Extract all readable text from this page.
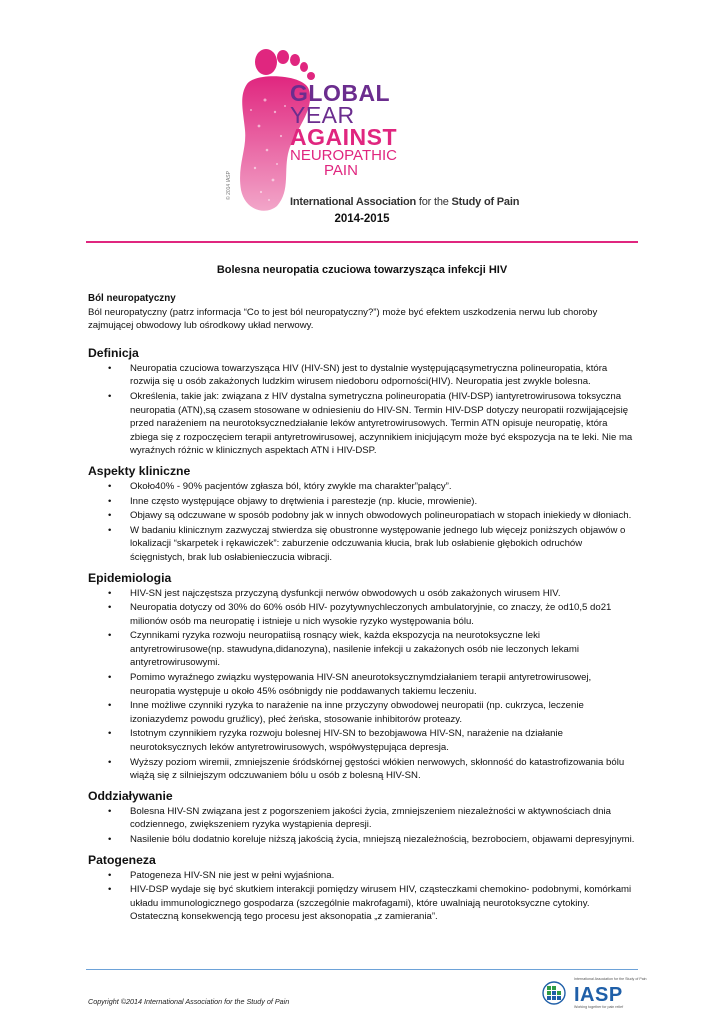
© 2014 IASP
GLOBAL
YEAR
AGAINST
NEUROPATHIC
PAIN
International Association for the Study of Pain
2014-2015
Bolesna neuropatia czuciowa towarzysząca infekcji HIV
Ból neuropatyczny

Ból neuropatyczny (patrz informacja “Co to jest ból neuropatyczny?”) może być efektem uszkodzenia nerwu lub choroby zajmującej obwodowy lub ośrodkowy układ nerwowy.

Definicja
• Neuropatia czuciowa towarzysząca HIV (HIV-SN) jest to dystalnie występującąsymetryczna polineuropatia, która rozwija się u osób zakażonych ludzkim wirusem niedoboru odporności(HIV). Neuropatia jest zwykle bolesna.
• Określenia, takie jak: związana z HIV dystalna symetryczna polineuropatia (HIV-DSP) iantyretrowirusowa toksyczna neuropatia (ATN),są czasem stosowane w odniesieniu do HIV-SN. Termin HIV-DSP dotyczy neuropatii rozwijającejsię przed narażeniem na neurotoksycznedziałanie leków antyretrowirusowych. Termin ATN opisuje neuropatię, która zbiega się z rozpoczęciem terapii antyretrowirusowej, aczynnikiem inicjującym może być ekspozycja na te leki. Nie ma wyraźnych różnic w klinicznych aspektach ATN i HIV-DSP.
Aspekty kliniczne
• Około40% - 90% pacjentów zgłasza ból, który zwykle ma charakter”palący”.
• Inne często występujące objawy to drętwienia i parestezje (np. kłucie, mrowienie).
• Objawy są odczuwane w sposób podobny jak w innych obwodowych polineuropatiach w stopach iniekiedy w dłoniach.
• W badaniu klinicznym zazwyczaj stwierdza się obustronne występowanie jednego lub więcejz poniższych objawów o lokalizacji “skarpetek i rękawiczek”: zaburzenie odczuwania kłucia, brak lub osłabienie głębokich odruchów ścięgnistych, brak lub osłabienieczucia wibracji.
Epidemiologia
• HIV-SN jest najczęstsza przyczyną dysfunkcji nerwów obwodowych u osób zakażonych wirusem HIV.
• Neuropatia dotyczy od 30% do 60% osób HIV- pozytywnychleczonych ambulatoryjnie, co znaczy, że od10,5 do21 milionów osób ma neuropatię i istnieje u nich wysokie ryzyko występowania bólu.
• Czynnikami ryzyka rozwoju neuropatiisą rosnący wiek, każda ekspozycja na neurotoksyczne leki antyretrowirusowe(np. stawudyna,didanozyna), nasilenie infekcji u zakażonych osób nie leczonych lekami antyretrowirusowymi.
• Pomimo wyraźnego związku występowania HIV-SN aneurotoksycznymdziałaniem terapii antyretrowirusowej, neuropatia występuje u około 45% osóbnigdy nie poddawanych takiemu leczeniu.
• Inne możliwe czynniki ryzyka to narażenie na inne przyczyny obwodowej neuropatii (np. cukrzyca, leczenie izoniazydemz powodu gruźlicy), płeć żeńska, stosowanie inhibitorów proteazy.
• Istotnym czynnikiem ryzyka rozwoju bolesnej HIV-SN to bezobjawowa HIV-SN, narażenie na działanie neurotoksycznych leków antyretrowirusowych, współwystępująca depresja.
• Wyższy poziom wiremii, zmniejszenie śródskórnej gęstości włókien nerwowych, skłonność do katastrofizowania bólu wiążą się z silniejszym odczuwaniem bólu u osób z bolesną HIV-SN.
Oddziaływanie
• Bolesna HIV-SN związana jest z pogorszeniem jakości życia, zmniejszeniem niezależności w aktywnościach dnia codziennego, zwiększeniem ryzyka wystąpienia depresji.
• Nasilenie bólu dodatnio koreluje niższą jakością życia, mniejszą niezależnością, bezrobociem, objawami depresyjnymi.
Patogeneza
• Patogeneza HIV-SN nie jest w pełni wyjaśniona.
• HIV-DSP wydaje się być skutkiem interakcji pomiędzy wirusem HIV, cząsteczkami chemokino- podobnymi, komórkami układu immunologicznego gospodarza (szczególnie makrofagami), które uwalniają neurotoksyczne cytokiny. Ostateczną konsekwencją tego procesu jest aksonopatia „z zamierania”.
Copyright ©2014 International Association for the Study of Pain
International Association for the Study of Pain
IASP
Working together for pain relief
